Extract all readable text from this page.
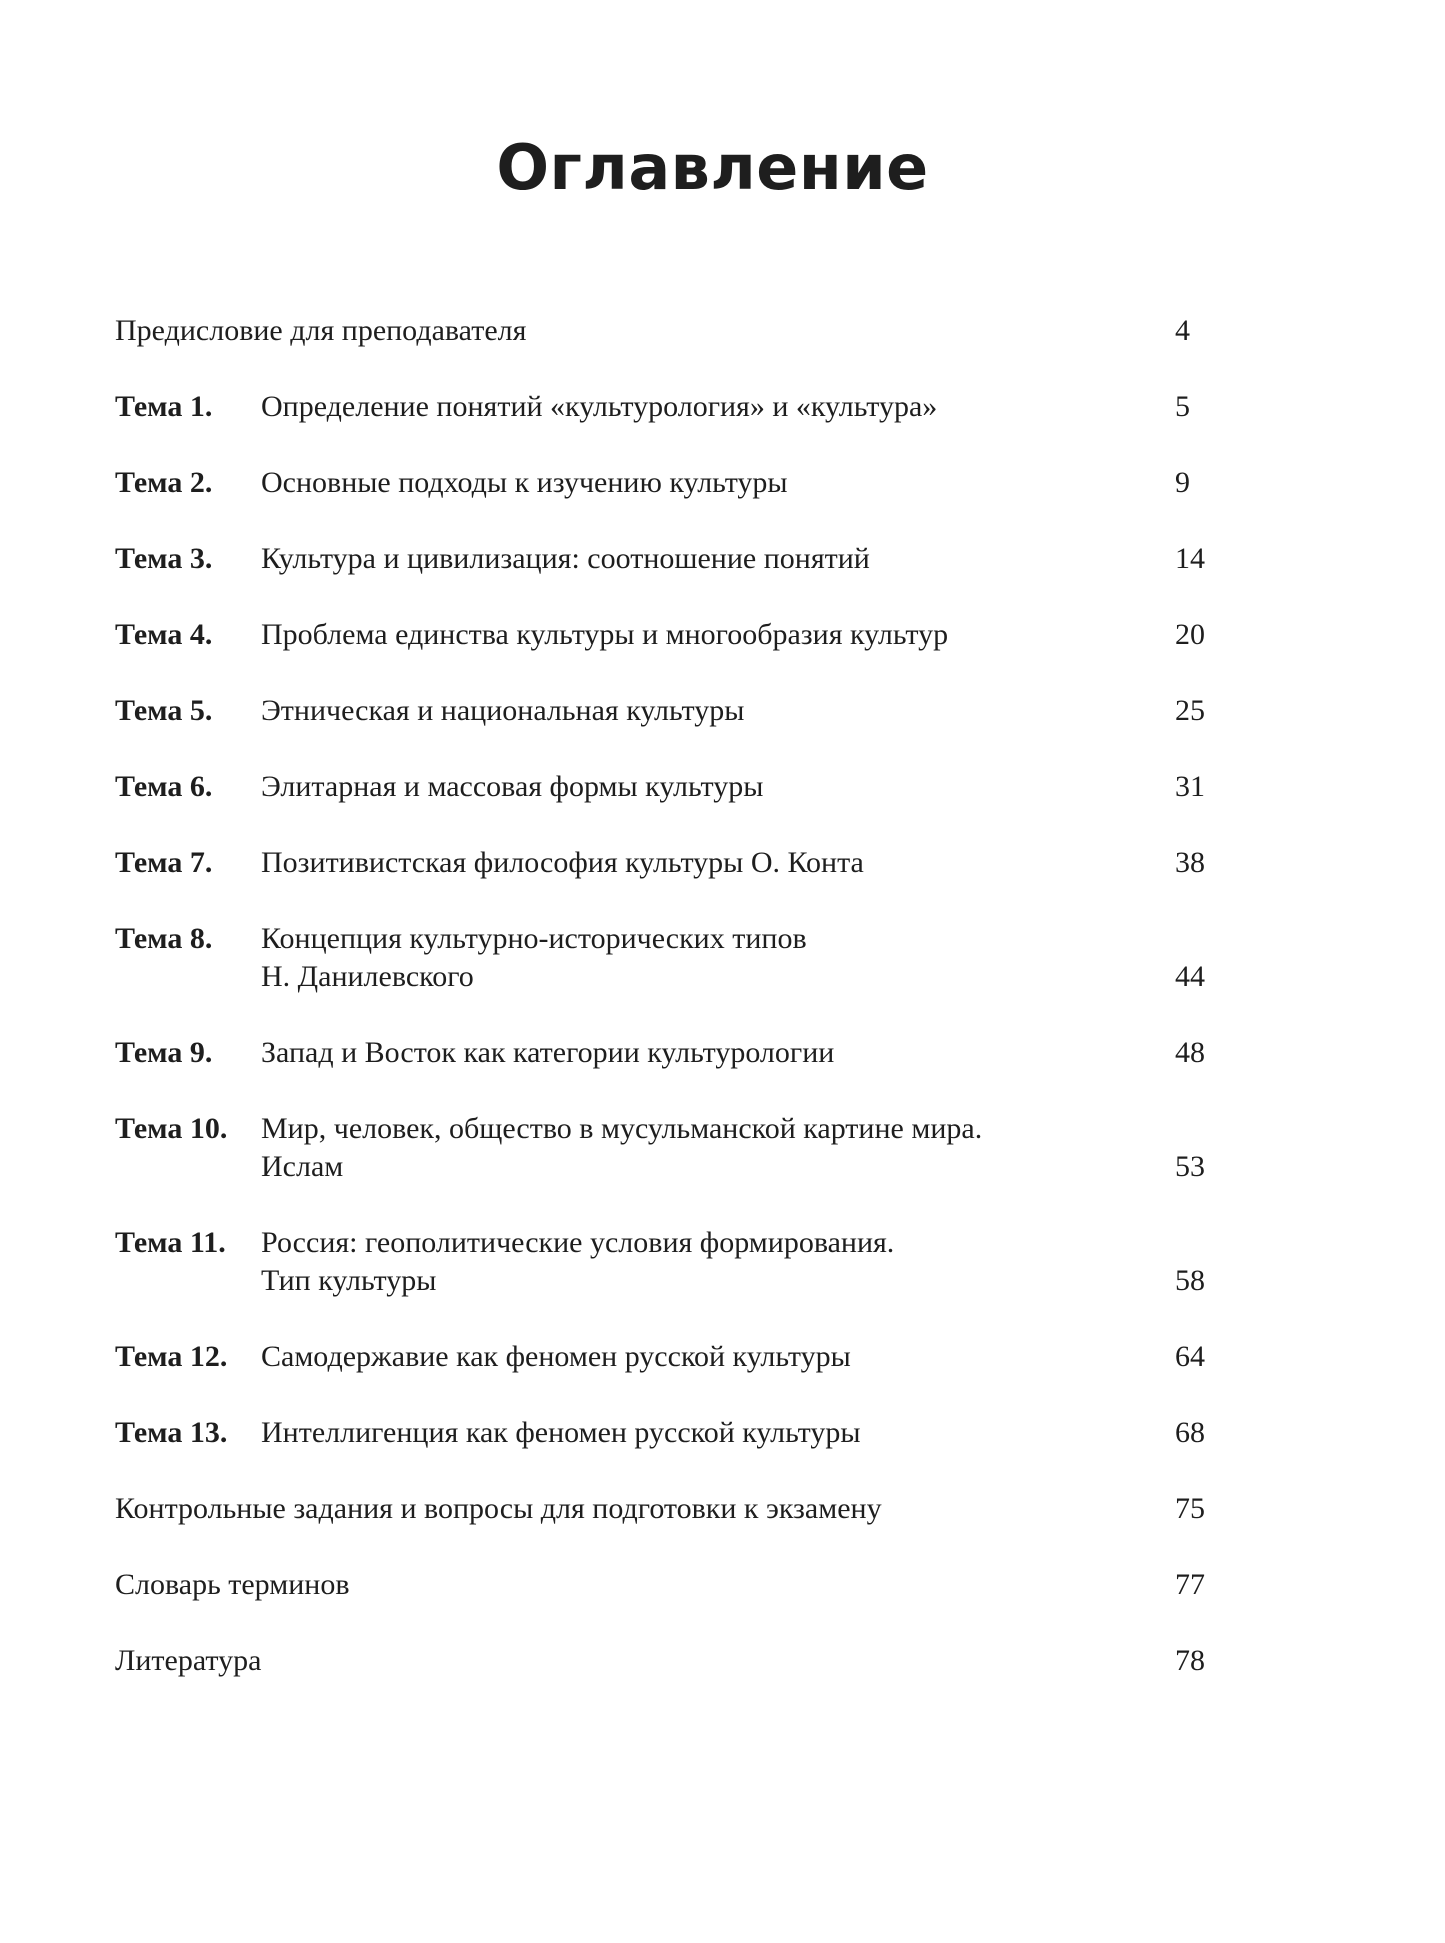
Оглавление
Предисловие для преподавателя	4
Тема 1.	Определение понятий «культурология» и «культура»	5
Тема 2.	Основные подходы к изучению культуры	9
Тема 3.	Культура и цивилизация: соотношение понятий	14
Тема 4.	Проблема единства культуры и многообразия культур	20
Тема 5.	Этническая и национальная культуры	25
Тема 6.	Элитарная и массовая формы культуры	31
Тема 7.	Позитивистская философия культуры О. Конта	38
Тема 8.	Концепция культурно-исторических типов
Н. Данилевского	44
Тема 9.	Запад и Восток как категории культурологии	48
Тема 10.	Мир, человек, общество в мусульманской картине мира.
Ислам	53
Тема 11.	Россия: геополитические условия формирования.
Тип культуры	58
Тема 12.	Самодержавие как феномен русской культуры	64
Тема 13.	Интеллигенция как феномен русской культуры	68
Контрольные задания и вопросы для подготовки к экзамену	75
Словарь терминов	77
Литература	78
